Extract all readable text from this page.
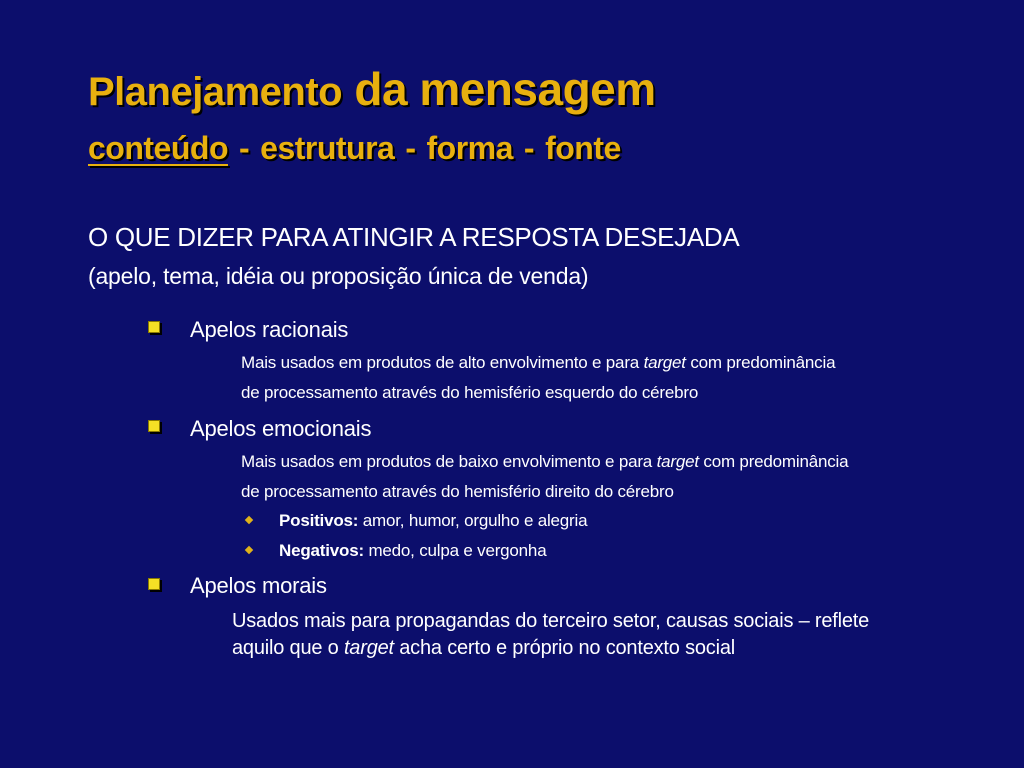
Planejamento da mensagem
conteúdo - estrutura - forma - fonte
O QUE DIZER PARA ATINGIR A RESPOSTA DESEJADA
(apelo, tema, idéia ou proposição única de venda)
Apelos racionais
Mais usados em produtos de alto envolvimento e para target com predominância
de processamento através do hemisfério esquerdo do cérebro
Apelos emocionais
Mais usados em produtos de baixo envolvimento e para target com predominância
de processamento através do hemisfério direito do cérebro
Positivos: amor, humor, orgulho e alegria
Negativos: medo, culpa e vergonha
Apelos morais
Usados mais para propagandas do terceiro setor, causas sociais – reflete
aquilo que o target acha certo e próprio no contexto social
